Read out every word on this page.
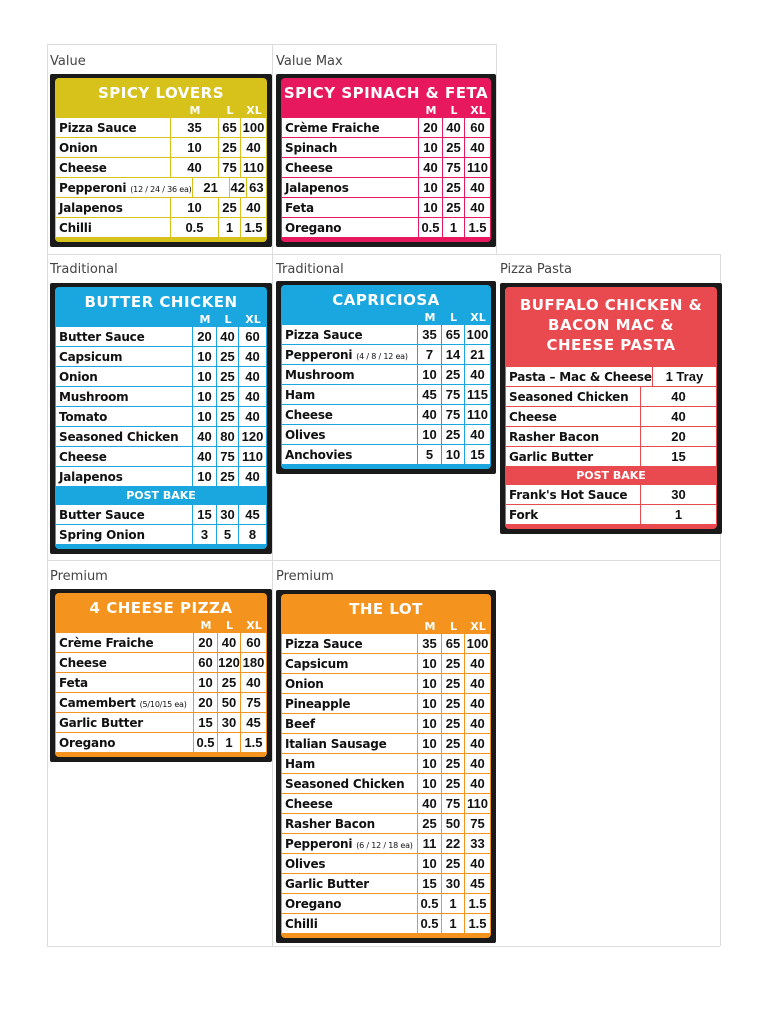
Value	Value Max
Traditional	Traditional	Pizza Pasta
Premium	Premium
SPICY LOVERS
M	L	XL
Pizza Sauce	35	65 100
Onion	10	25 40
Cheese	40	75 110
Pepperoni (12 / 24 / 36 ea) 21 42 63
Jalapenos	10	25 40
Chilli	0.5	1 1.5
SPICY SPINACH & FETA
M	L	XL
Crème Fraiche	20 40 60
Spinach	10 25 40
Cheese	40 75 110
Jalapenos	10 25 40
Feta	10 25 40
Oregano	0.5 1 1.5
BUTTER CHICKEN
M	L	XL
Butter Sauce	20 40 60
Capsicum	10 25 40
Onion	10 25 40
Mushroom	10 25 40
Tomato	10 25 40
Seasoned Chicken	40 80 120
Cheese	40 75 110
Jalapenos	10 25 40
POST BAKE
Butter Sauce	15 30 45
Spring Onion	3	5	8
CAPRICIOSA
M	L	XL
Pizza Sauce	35 65 100
Pepperoni (4 / 8 / 12 ea)	7 14 21
Mushroom	10 25 40
Ham	45 75 115
Cheese	40 75 110
Olives	10 25 40
Anchovies	5 10 15
BUFFALO CHICKEN & BACON MAC & CHEESE PASTA
Pasta – Mac & Cheese	1 Tray
Seasoned Chicken	40
Cheese	40
Rasher Bacon	20
Garlic Butter	15
POST BAKE
Frank's Hot Sauce	30
Fork	1
4 CHEESE PIZZA
M	L	XL
Crème Fraiche	20 40 60
Cheese	60 120 180
Feta	10 25 40
Camembert (5/10/15 ea) 20 50 75
Garlic Butter	15 30 45
Oregano	0.5 1 1.5
THE LOT
M	L	XL
Pizza Sauce	35 65 100
Capsicum	10 25 40
Onion	10 25 40
Pineapple	10 25 40
Beef	10 25 40
Italian Sausage	10 25 40
Ham	10 25 40
Seasoned Chicken	10 25 40
Cheese	40 75 110
Rasher Bacon	25 50 75
Pepperoni (6 / 12 / 18 ea) 11 22 33
Olives	10 25 40
Garlic Butter	15 30 45
Oregano	0.5 1 1.5
Chilli	0.5 1 1.5
